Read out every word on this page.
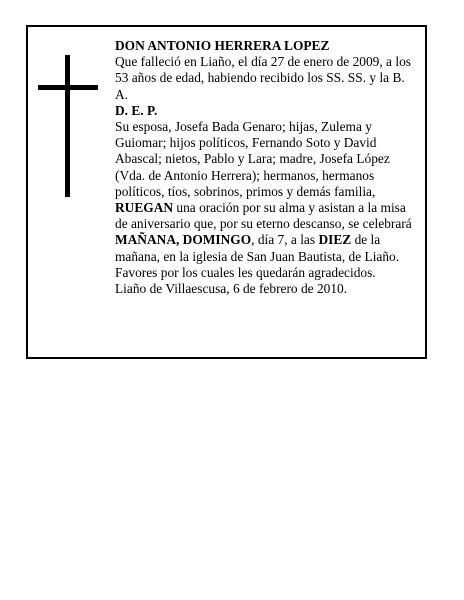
DON ANTONIO HERRERA LOPEZ

Que falleció en Liaño, el día 27 de enero de 2009, a los 53 años de edad, habiendo recibido los SS. SS. y la B. A.

D. E. P.

Su esposa, Josefa Bada Genaro; hijas, Zulema y Guiomar; hijos políticos, Fernando Soto y David Abascal; nietos, Pablo y Lara; madre, Josefa López (Vda. de Antonio Herrera); hermanos, hermanos políticos, tíos, sobrinos, primos y demás familia, RUEGAN una oración por su alma y asistan a la misa de aniversario que, por su eterno descanso, se celebrará MAÑANA, DOMINGO, día 7, a las DIEZ de la mañana, en la iglesia de San Juan Bautista, de Liaño.

Favores por los cuales les quedarán agradecidos.

Liaño de Villaescusa, 6 de febrero de 2010.
